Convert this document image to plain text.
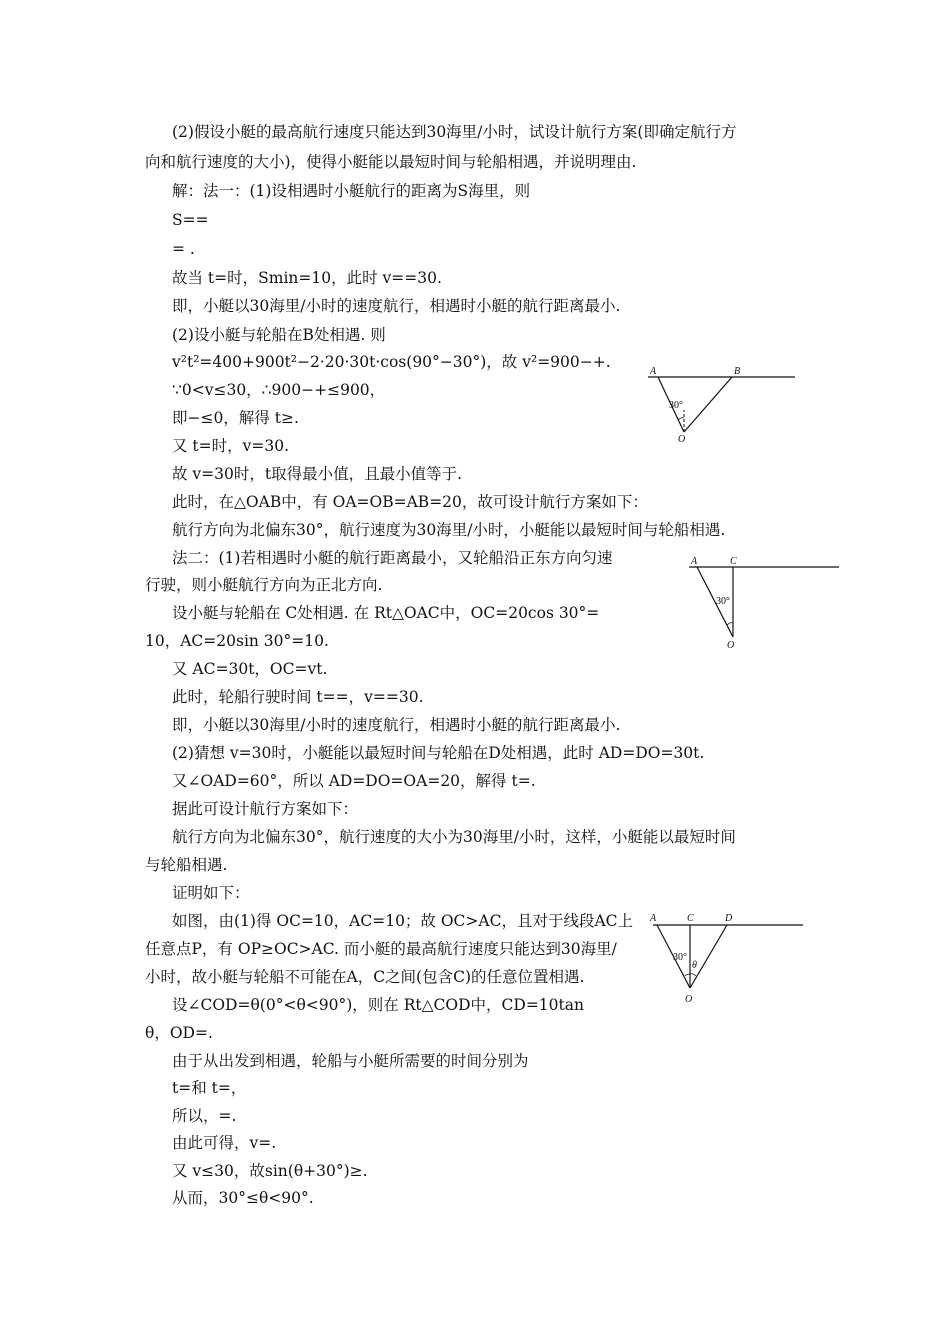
(2)假设小艇的最高航行速度只能达到30海里/小时，试设计航行方案(即确定航行方
向和航行速度的大小)，使得小艇能以最短时间与轮船相遇，并说明理由.
解：法一：(1)设相遇时小艇航行的距离为S海里，则
S==
= .
故当 t=时，Smin=10，此时 v==30.
即，小艇以30海里/小时的速度航行，相遇时小艇的航行距离最小.
(2)设小艇与轮船在B处相遇. 则
v²t²=400+900t²−2·20·30t·cos(90°−30°)，故 v²=900−+.
∵0<v≤30，∴900−+≤900，
即−≤0，解得 t≥.
又 t=时，v=30.
故 v=30时，t取得最小值，且最小值等于.
此时，在△OAB中，有 OA=OB=AB=20，故可设计航行方案如下：
航行方向为北偏东30°，航行速度为30海里/小时，小艇能以最短时间与轮船相遇.
法二：(1)若相遇时小艇的航行距离最小，又轮船沿正东方向匀速
行驶，则小艇航行方向为正北方向.
设小艇与轮船在 C处相遇. 在 Rt△OAC中，OC=20cos 30°=
10，AC=20sin 30°=10.
又 AC=30t，OC=vt.
此时，轮船行驶时间 t==，v==30.
即，小艇以30海里/小时的速度航行，相遇时小艇的航行距离最小.
(2)猜想 v=30时，小艇能以最短时间与轮船在D处相遇，此时 AD=DO=30t.
又∠OAD=60°，所以 AD=DO=OA=20，解得 t=.
据此可设计航行方案如下：
航行方向为北偏东30°，航行速度的大小为30海里/小时，这样，小艇能以最短时间
与轮船相遇.
证明如下：
如图，由(1)得 OC=10，AC=10；故 OC>AC，且对于线段AC上
任意点P，有 OP≥OC>AC. 而小艇的最高航行速度只能达到30海里/
小时，故小艇与轮船不可能在A，C之间(包含C)的任意位置相遇.
设∠COD=θ(0°<θ<90°)，则在 Rt△COD中，CD=10tan
θ，OD=.
由于从出发到相遇，轮船与小艇所需要的时间分别为
t=和 t=，
所以，=.
由此可得，v=.
又 v≤30，故sin(θ+30°)≥.
从而，30°≤θ<90°.
A	B
O
30°
A	C
O
30°
A	C	D
O
30°
θ
